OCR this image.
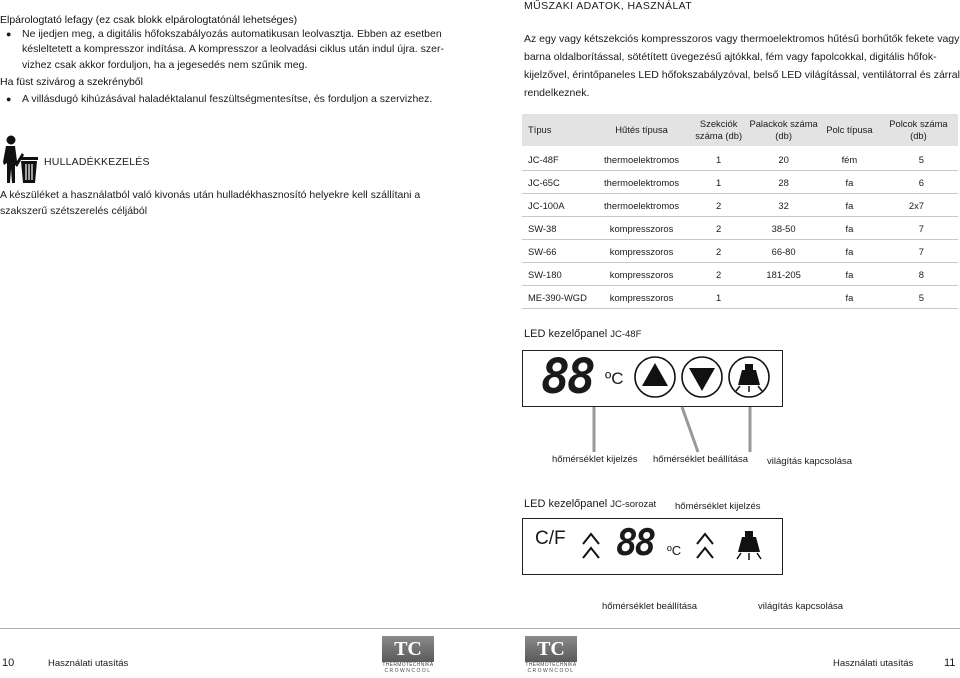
Elpárologtató lefagy (ez csak blokk elpárologtatónál lehetséges)
● Ne ijedjen meg, a digitális hőfokszabályozás automatikusan leolvasztja. Ebben az esetben
késleltetett a kompresszor indítása. A kompresszor a leolvadási ciklus után indul újra. szer-
vizhez csak akkor forduljon, ha a jegesedés nem szűnik meg.
Ha füst szivárog a szekrényből
● A villásdugó kihúzásával haladéktalanul feszültségmentesítse, és forduljon a szervizhez.
HULLADÉKKEZELÉS
A készüléket a használatból való kivonás után hulladékhasznosító helyekre kell szállítani a
szakszerű szétszerelés céljából
MŰSZAKI ADATOK, HASZNÁLAT
Az egy vagy kétszekciós kompresszoros vagy thermoelektromos hűtésű borhűtők fekete vagy
barna oldalborítással, sötétített üvegezésű ajtókkal, fém vagy fapolcokkal, digitális hőfok-
kijelzővel, érintőpaneles LED hőfokszabályzóval, belső LED világítással, ventilátorral és zárral
rendelkeznek.
Típus	Hűtés típusa	Szekciók száma (db)	Palackok száma (db)	Polc típusa	Polcok száma (db)

JC-48F	thermoelektromos	1	20	fém	5
JC-65C	thermoelektromos	1	28	fa	6
JC-100A	thermoelektromos	2	32	fa	2x7
SW-38	kompresszoros	2	38-50	fa	7
SW-66	kompresszoros	2	66-80	fa	7
SW-180	kompresszoros	2	181-205	fa	8
ME-390-WGD	kompresszoros	1		fa	5
LED kezelőpanel JC-48F
88 ºC
hőmérséklet kijelzés hőmérséklet beállítása világítás kapcsolása
LED kezelőpanel JC-sorozat hőmérséklet kijelzés
C/F 88 ºC
hőmérséklet beállítása	világítás kapcsolása
10	Használati utasítás	Használati utasítás	11
TC
THERMOTECHNIKA
CROWNCOOL
TC
THERMOTECHNIKA
CROWNCOOL
